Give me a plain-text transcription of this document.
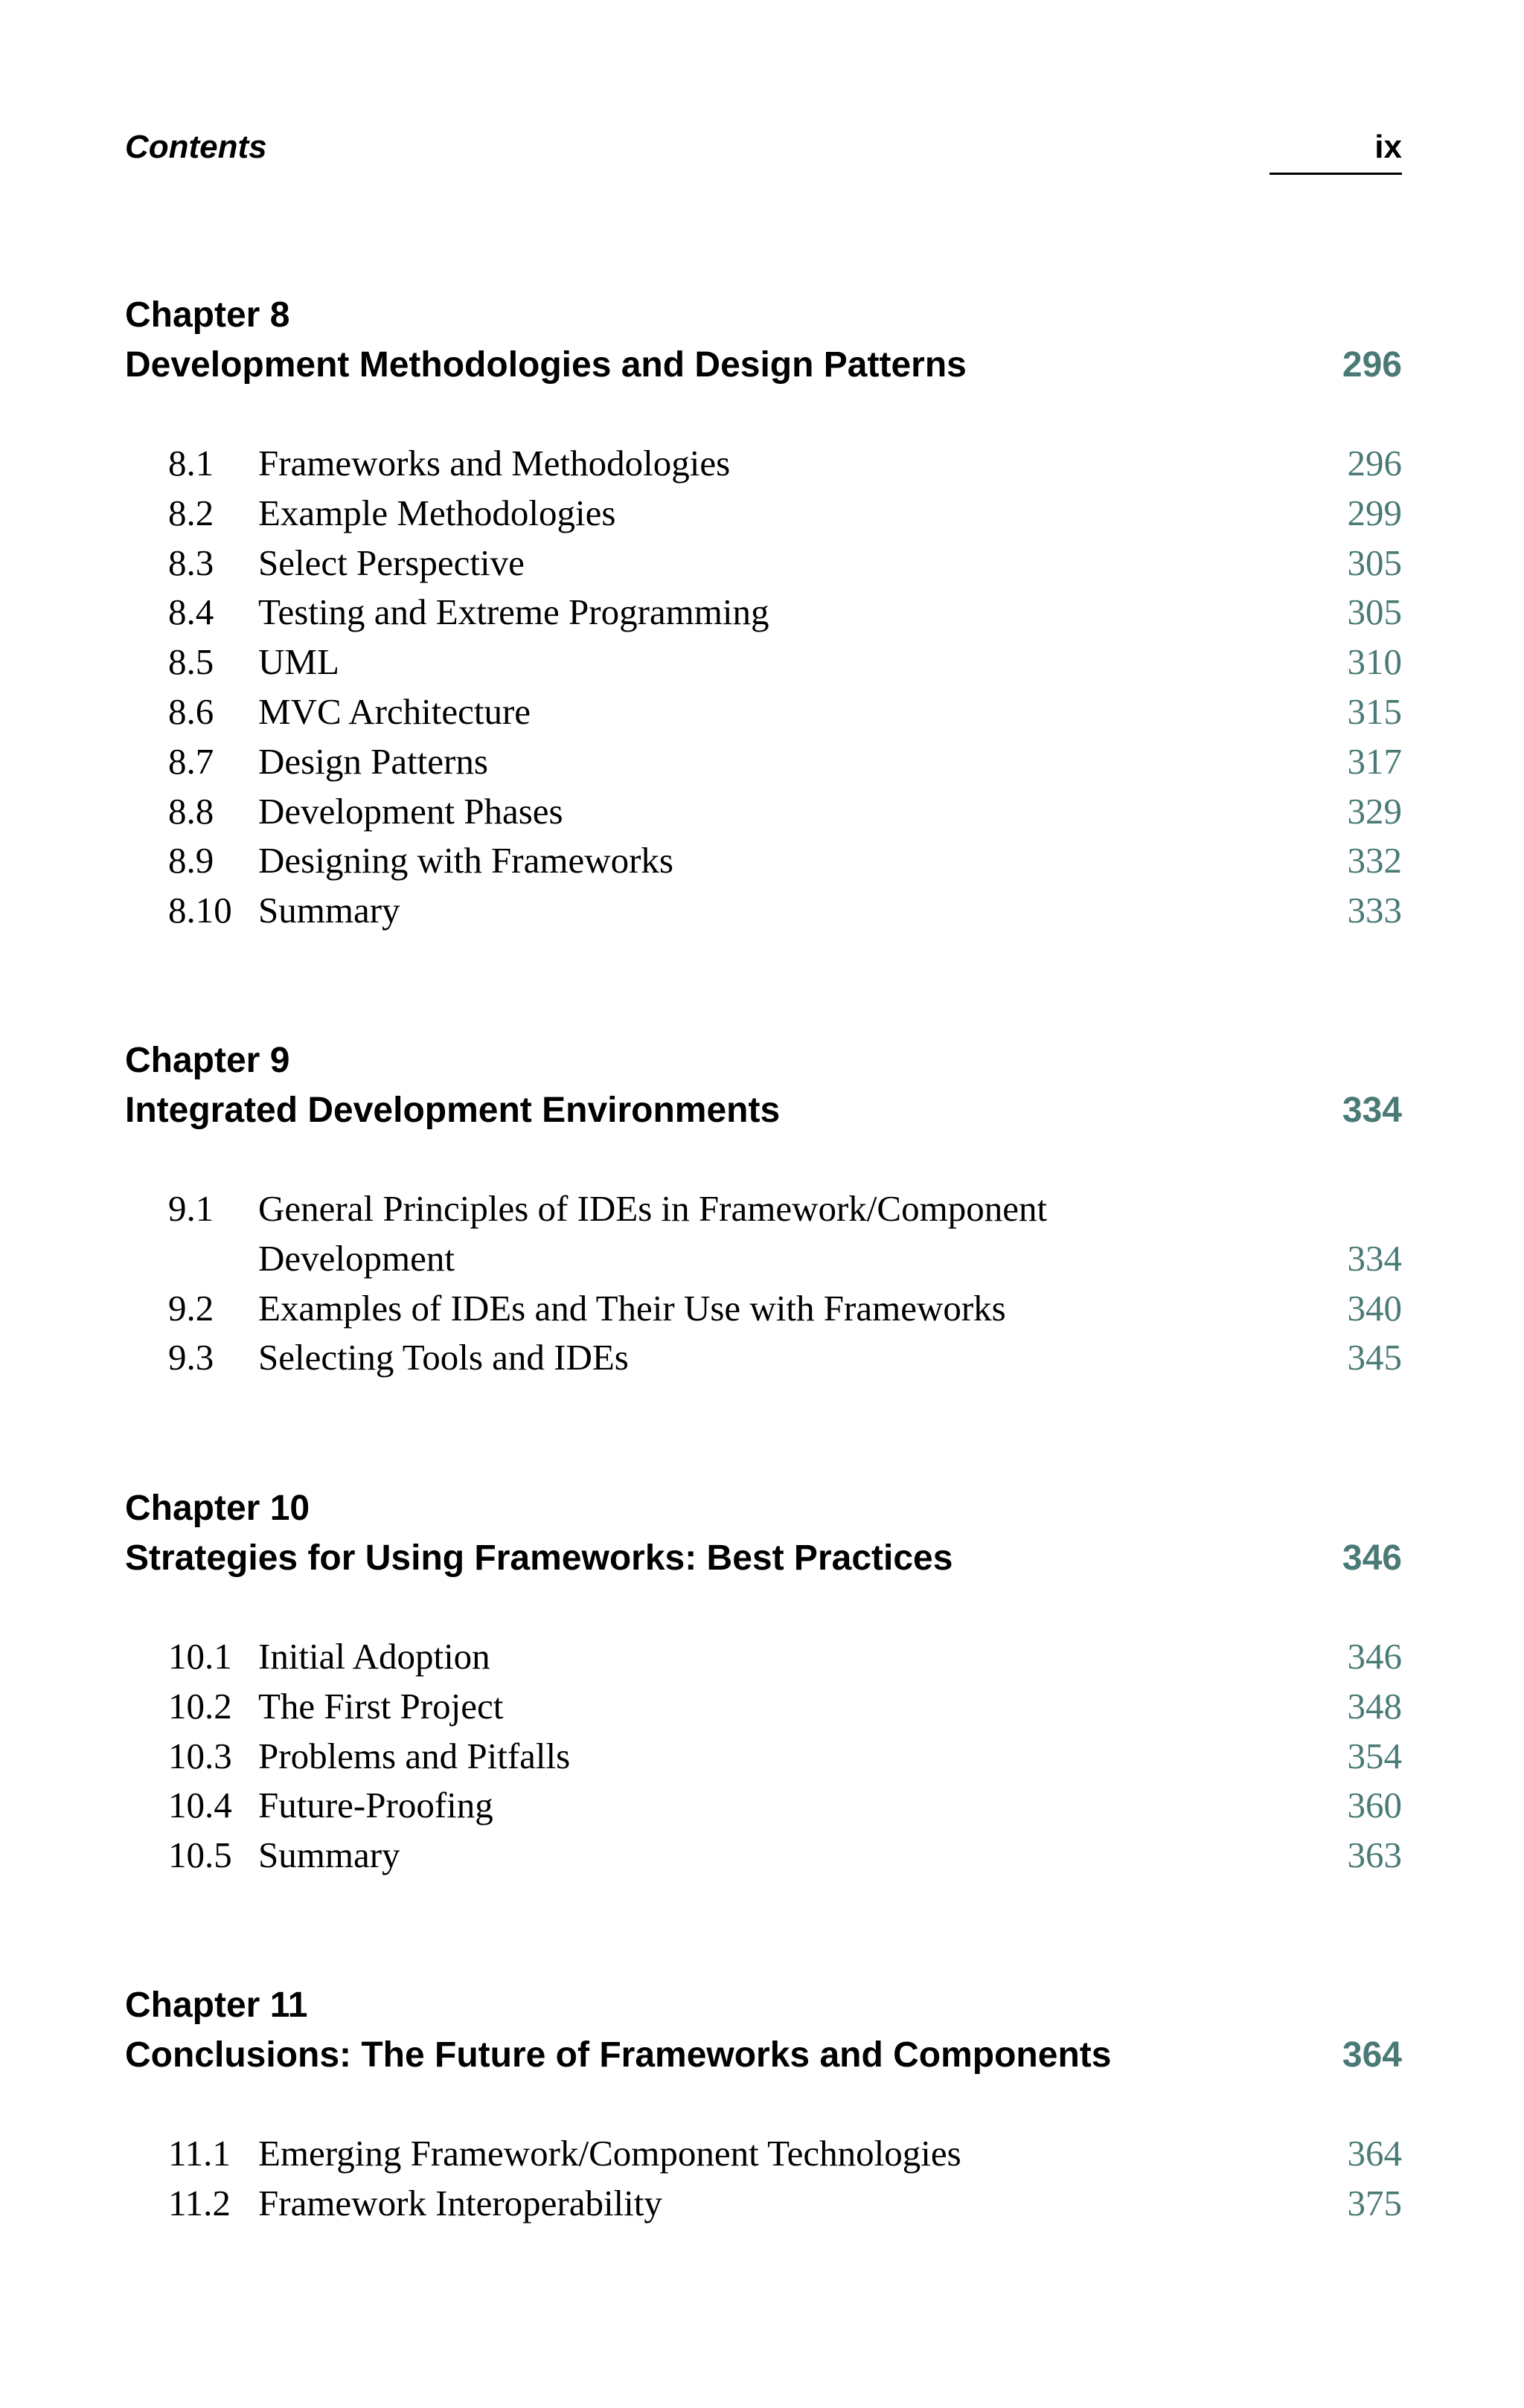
Contents	ix
Chapter 8
Development Methodologies and Design Patterns	296
8.1 Frameworks and Methodologies	296
8.2 Example Methodologies	299
8.3 Select Perspective	305
8.4 Testing and Extreme Programming	305
8.5 UML	310
8.6 MVC Architecture	315
8.7 Design Patterns	317
8.8 Development Phases	329
8.9 Designing with Frameworks	332
8.10 Summary	333
Chapter 9
Integrated Development Environments	334
9.1 General Principles of IDEs in Framework/Component
Development	334
9.2 Examples of IDEs and Their Use with Frameworks	340
9.3 Selecting Tools and IDEs	345
Chapter 10
Strategies for Using Frameworks: Best Practices	346
10.1 Initial Adoption	346
10.2 The First Project	348
10.3 Problems and Pitfalls	354
10.4 Future-Proofing	360
10.5 Summary	363
Chapter 11
Conclusions: The Future of Frameworks and Components	364
11.1 Emerging Framework/Component Technologies	364
11.2 Framework Interoperability	375
